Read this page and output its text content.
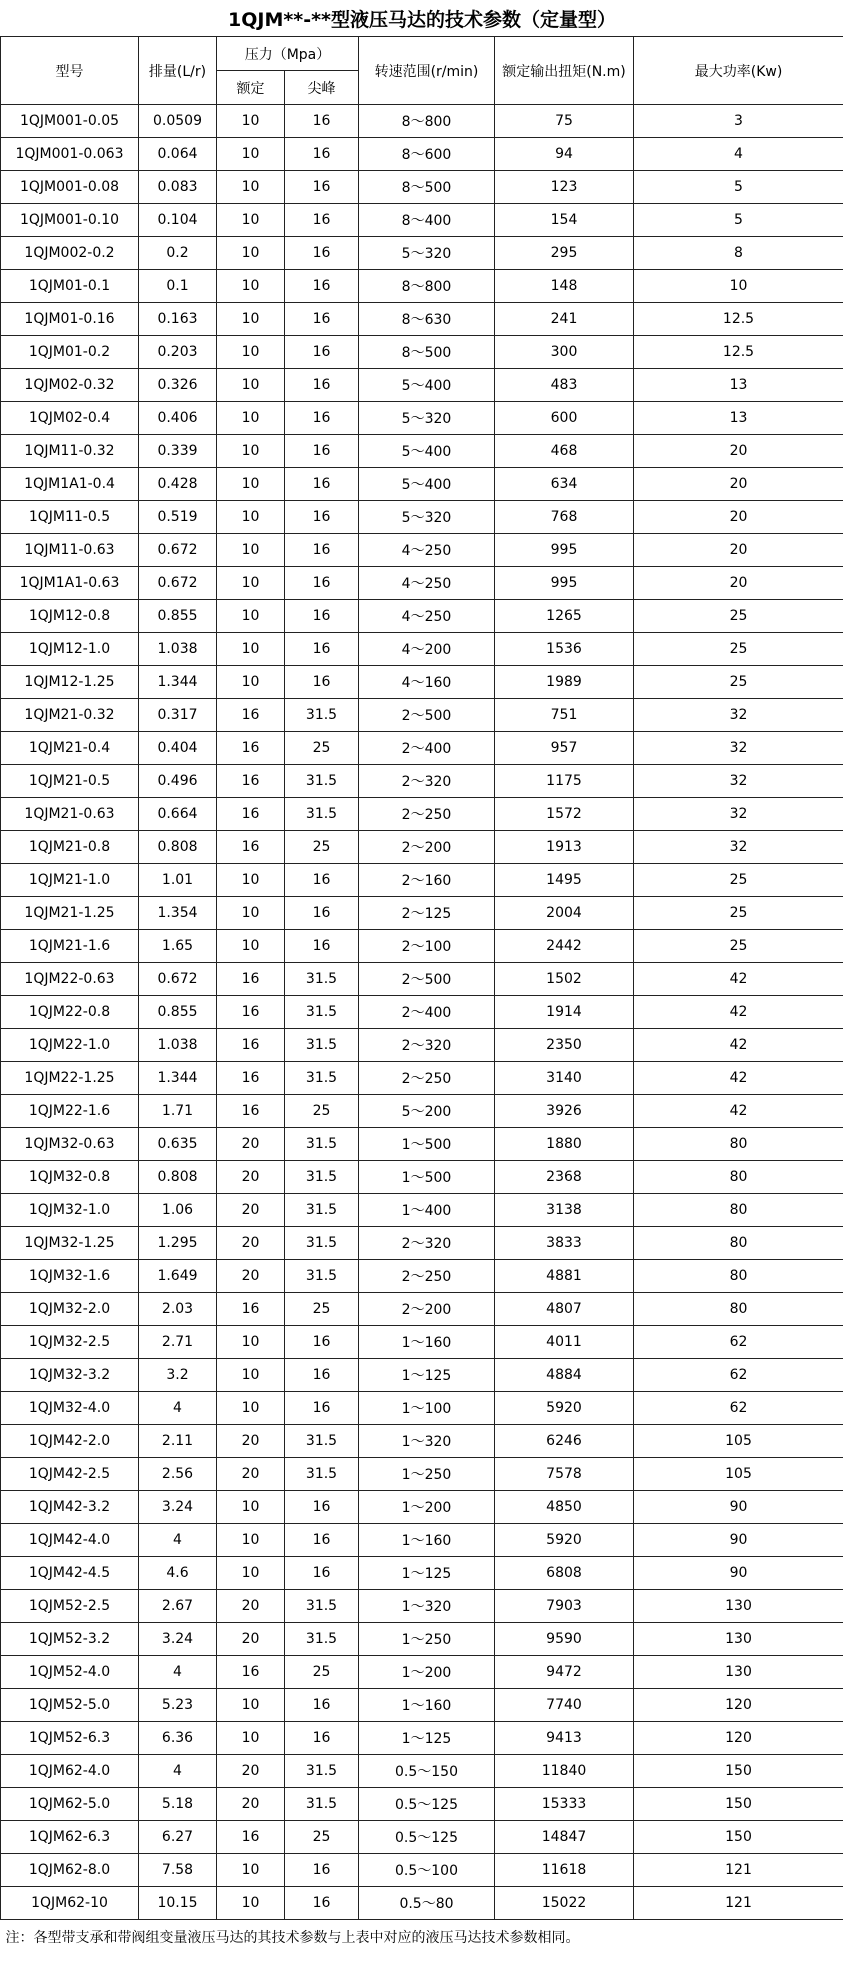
1QJM**-**型液压马达的技术参数（定量型）						
型号	排量(L/r)	压力（Mpa）		转速范围(r/min)	额定输出扭矩(N.m)	最大功率(Kw)
		额定	尖峰			
1QJM001-0.05	0.0509	10	16	8～800	75	3
1QJM001-0.063	0.064	10	16	8～600	94	4
1QJM001-0.08	0.083	10	16	8～500	123	5
1QJM001-0.10	0.104	10	16	8～400	154	5
1QJM002-0.2	0.2	10	16	5～320	295	8
1QJM01-0.1	0.1	10	16	8～800	148	10
1QJM01-0.16	0.163	10	16	8～630	241	12.5
1QJM01-0.2	0.203	10	16	8～500	300	12.5
1QJM02-0.32	0.326	10	16	5～400	483	13
1QJM02-0.4	0.406	10	16	5～320	600	13
1QJM11-0.32	0.339	10	16	5～400	468	20
1QJM1A1-0.4	0.428	10	16	5～400	634	20
1QJM11-0.5	0.519	10	16	5～320	768	20
1QJM11-0.63	0.672	10	16	4～250	995	20
1QJM1A1-0.63	0.672	10	16	4～250	995	20
1QJM12-0.8	0.855	10	16	4～250	1265	25
1QJM12-1.0	1.038	10	16	4～200	1536	25
1QJM12-1.25	1.344	10	16	4～160	1989	25
1QJM21-0.32	0.317	16	31.5	2～500	751	32
1QJM21-0.4	0.404	16	25	2～400	957	32
1QJM21-0.5	0.496	16	31.5	2～320	1175	32
1QJM21-0.63	0.664	16	31.5	2～250	1572	32
1QJM21-0.8	0.808	16	25	2～200	1913	32
1QJM21-1.0	1.01	10	16	2～160	1495	25
1QJM21-1.25	1.354	10	16	2～125	2004	25
1QJM21-1.6	1.65	10	16	2～100	2442	25
1QJM22-0.63	0.672	16	31.5	2～500	1502	42
1QJM22-0.8	0.855	16	31.5	2～400	1914	42
1QJM22-1.0	1.038	16	31.5	2～320	2350	42
1QJM22-1.25	1.344	16	31.5	2～250	3140	42
1QJM22-1.6	1.71	16	25	5～200	3926	42
1QJM32-0.63	0.635	20	31.5	1～500	1880	80
1QJM32-0.8	0.808	20	31.5	1～500	2368	80
1QJM32-1.0	1.06	20	31.5	1～400	3138	80
1QJM32-1.25	1.295	20	31.5	2～320	3833	80
1QJM32-1.6	1.649	20	31.5	2～250	4881	80
1QJM32-2.0	2.03	16	25	2～200	4807	80
1QJM32-2.5	2.71	10	16	1～160	4011	62
1QJM32-3.2	3.2	10	16	1～125	4884	62
1QJM32-4.0	4	10	16	1～100	5920	62
1QJM42-2.0	2.11	20	31.5	1～320	6246	105
1QJM42-2.5	2.56	20	31.5	1～250	7578	105
1QJM42-3.2	3.24	10	16	1～200	4850	90
1QJM42-4.0	4	10	16	1～160	5920	90
1QJM42-4.5	4.6	10	16	1～125	6808	90
1QJM52-2.5	2.67	20	31.5	1～320	7903	130
1QJM52-3.2	3.24	20	31.5	1～250	9590	130
1QJM52-4.0	4	16	25	1～200	9472	130
1QJM52-5.0	5.23	10	16	1～160	7740	120
1QJM52-6.3	6.36	10	16	1～125	9413	120
1QJM62-4.0	4	20	31.5	0.5～150	11840	150
1QJM62-5.0	5.18	20	31.5	0.5～125	15333	150
1QJM62-6.3	6.27	16	25	0.5～125	14847	150
1QJM62-8.0	7.58	10	16	0.5～100	11618	121
1QJM62-10	10.15	10	16	0.5～80	15022	121
注：各型带支承和带阀组变量液压马达的其技术参数与上表中对应的液压马达技术参数相同。						
